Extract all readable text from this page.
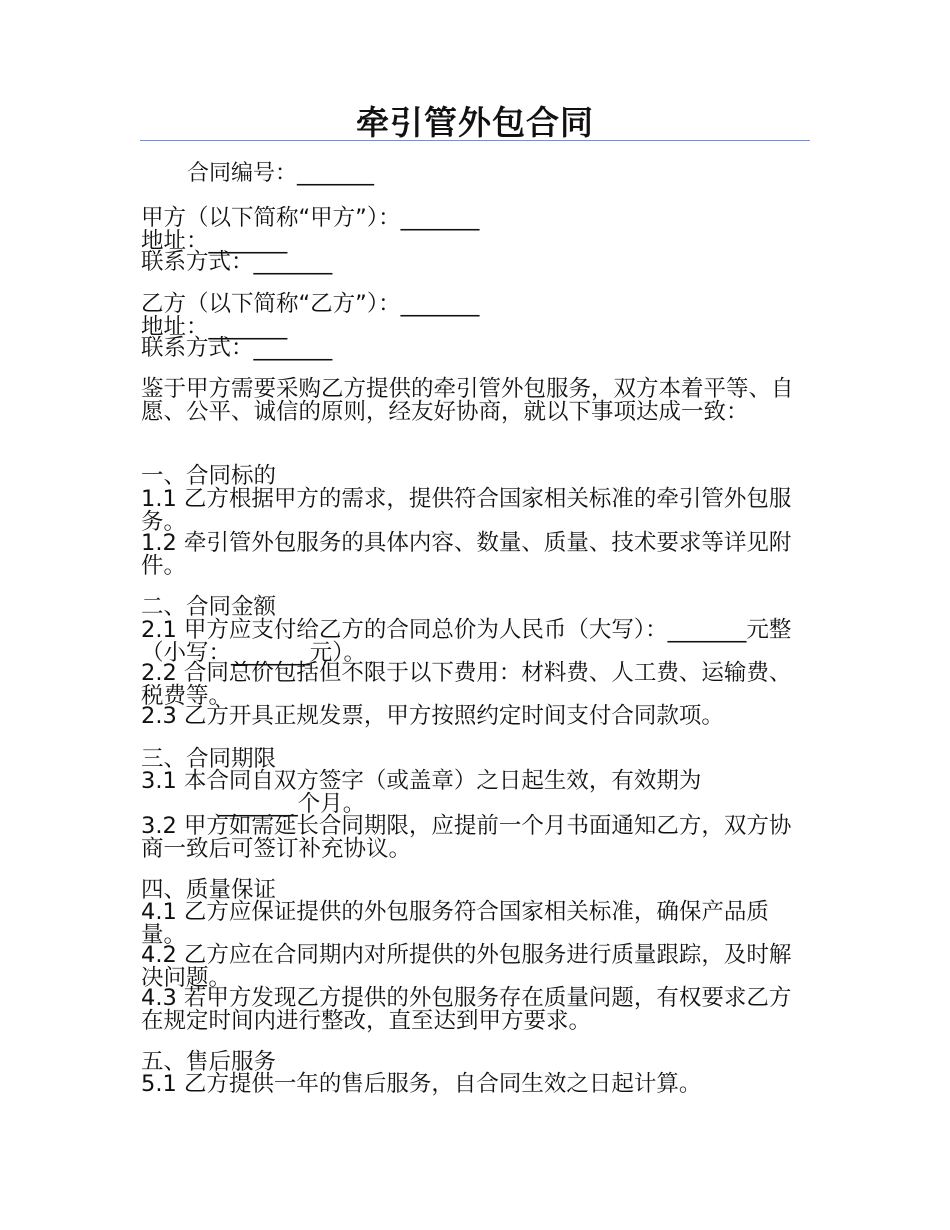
牵引管外包合同
合同编号：_______
甲方（以下简称“甲方”）：_______
地址：_______
联系方式：_______
乙方（以下简称“乙方”）：_______
地址：_______
联系方式：_______

鉴于甲方需要采购乙方提供的牵引管外包服务，双方本着平等、自愿、公平、诚信的原则，经友好协商，就以下事项达成一致：

一、合同标的

1.1 乙方根据甲方的需求，提供符合国家相关标准的牵引管外包服务。

1.2 牵引管外包服务的具体内容、数量、质量、技术要求等详见附件。

二、合同金额

2.1 甲方应支付给乙方的合同总价为人民币（大写）：_______元整（小写：_______元）。

2.2 合同总价包括但不限于以下费用：材料费、人工费、运输费、税费等。

2.3 乙方开具正规发票，甲方按照约定时间支付合同款项。

三、合同期限

3.1 本合同自双方签字（或盖章）之日起生效，有效期为

_______个月。

3.2 甲方如需延长合同期限，应提前一个月书面通知乙方，双方协商一致后可签订补充协议。

四、质量保证

4.1 乙方应保证提供的外包服务符合国家相关标准，确保产品质量。

4.2 乙方应在合同期内对所提供的外包服务进行质量跟踪，及时解决问题。

4.3 若甲方发现乙方提供的外包服务存在质量问题，有权要求乙方在规定时间内进行整改，直至达到甲方要求。

五、售后服务

5.1 乙方提供一年的售后服务，自合同生效之日起计算。
